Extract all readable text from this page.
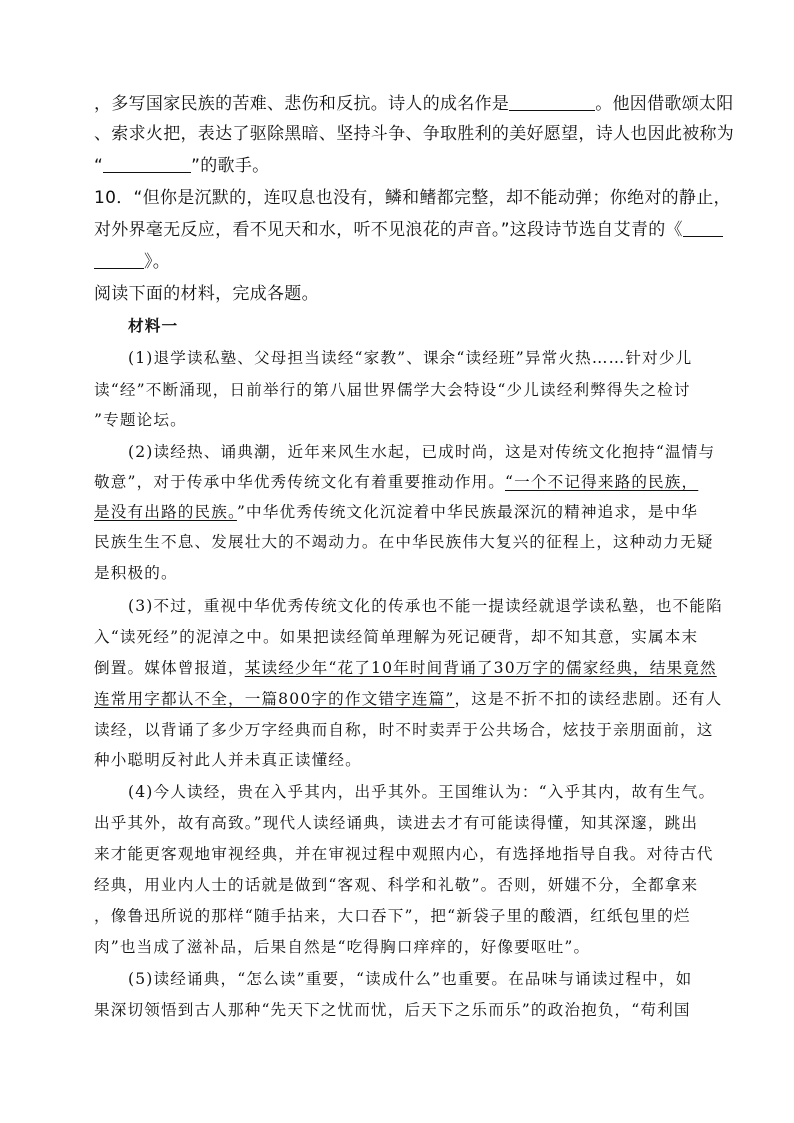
，多写国家民族的苦难、悲伤和反抗。诗人的成名作是	。他因借歌颂太阳
、索求火把，表达了驱除黑暗、坚持斗争、争取胜利的美好愿望，诗人也因此被称为
“	”的歌手。
10．“但你是沉默的，连叹息也没有，鳞和鳍都完整，却不能动弹；你绝对的静止，
对外界毫无反应，看不见天和水，听不见浪花的声音。”这段诗节选自艾青的《
》。
阅读下面的材料，完成各题。
材料一
(1)退学读私塾、父母担当读经“家教”、课余“读经班”异常火热……针对少儿
读“经”不断涌现，日前举行的第八届世界儒学大会特设“少儿读经利弊得失之检讨
”专题论坛。
(2)读经热、诵典潮，近年来风生水起，已成时尚，这是对传统文化抱持“温情与
敬意”，对于传承中华优秀传统文化有着重要推动作用。“一个不记得来路的民族，
是没有出路的民族。”中华优秀传统文化沉淀着中华民族最深沉的精神追求，是中华
民族生生不息、发展壮大的不竭动力。在中华民族伟大复兴的征程上，这种动力无疑
是积极的。
(3)不过，重视中华优秀传统文化的传承也不能一提读经就退学读私塾，也不能陷
入“读死经”的泥淖之中。如果把读经简单理解为死记硬背，却不知其意，实属本末
倒置。媒体曾报道，某读经少年“花了10年时间背诵了30万字的儒家经典，结果竟然
连常用字都认不全，一篇800字的作文错字连篇”，这是不折不扣的读经悲剧。还有人
读经，以背诵了多少万字经典而自称，时不时卖弄于公共场合，炫技于亲朋面前，这
种小聪明反衬此人并未真正读懂经。
(4)今人读经，贵在入乎其内，出乎其外。王国维认为：“入乎其内，故有生气。
出乎其外，故有高致。”现代人读经诵典，读进去才有可能读得懂，知其深邃，跳出
来才能更客观地审视经典，并在审视过程中观照内心，有选择地指导自我。对待古代
经典，用业内人士的话就是做到“客观、科学和礼敬”。否则，妍媸不分，全都拿来
，像鲁迅所说的那样“随手拈来，大口吞下”，把“新袋子里的酸酒，红纸包里的烂
肉”也当成了滋补品，后果自然是“吃得胸口痒痒的，好像要呕吐”。
(5)读经诵典，“怎么读”重要，“读成什么”也重要。在品味与诵读过程中，如
果深切领悟到古人那种“先天下之忧而忧，后天下之乐而乐”的政治抱负，“苟利国
